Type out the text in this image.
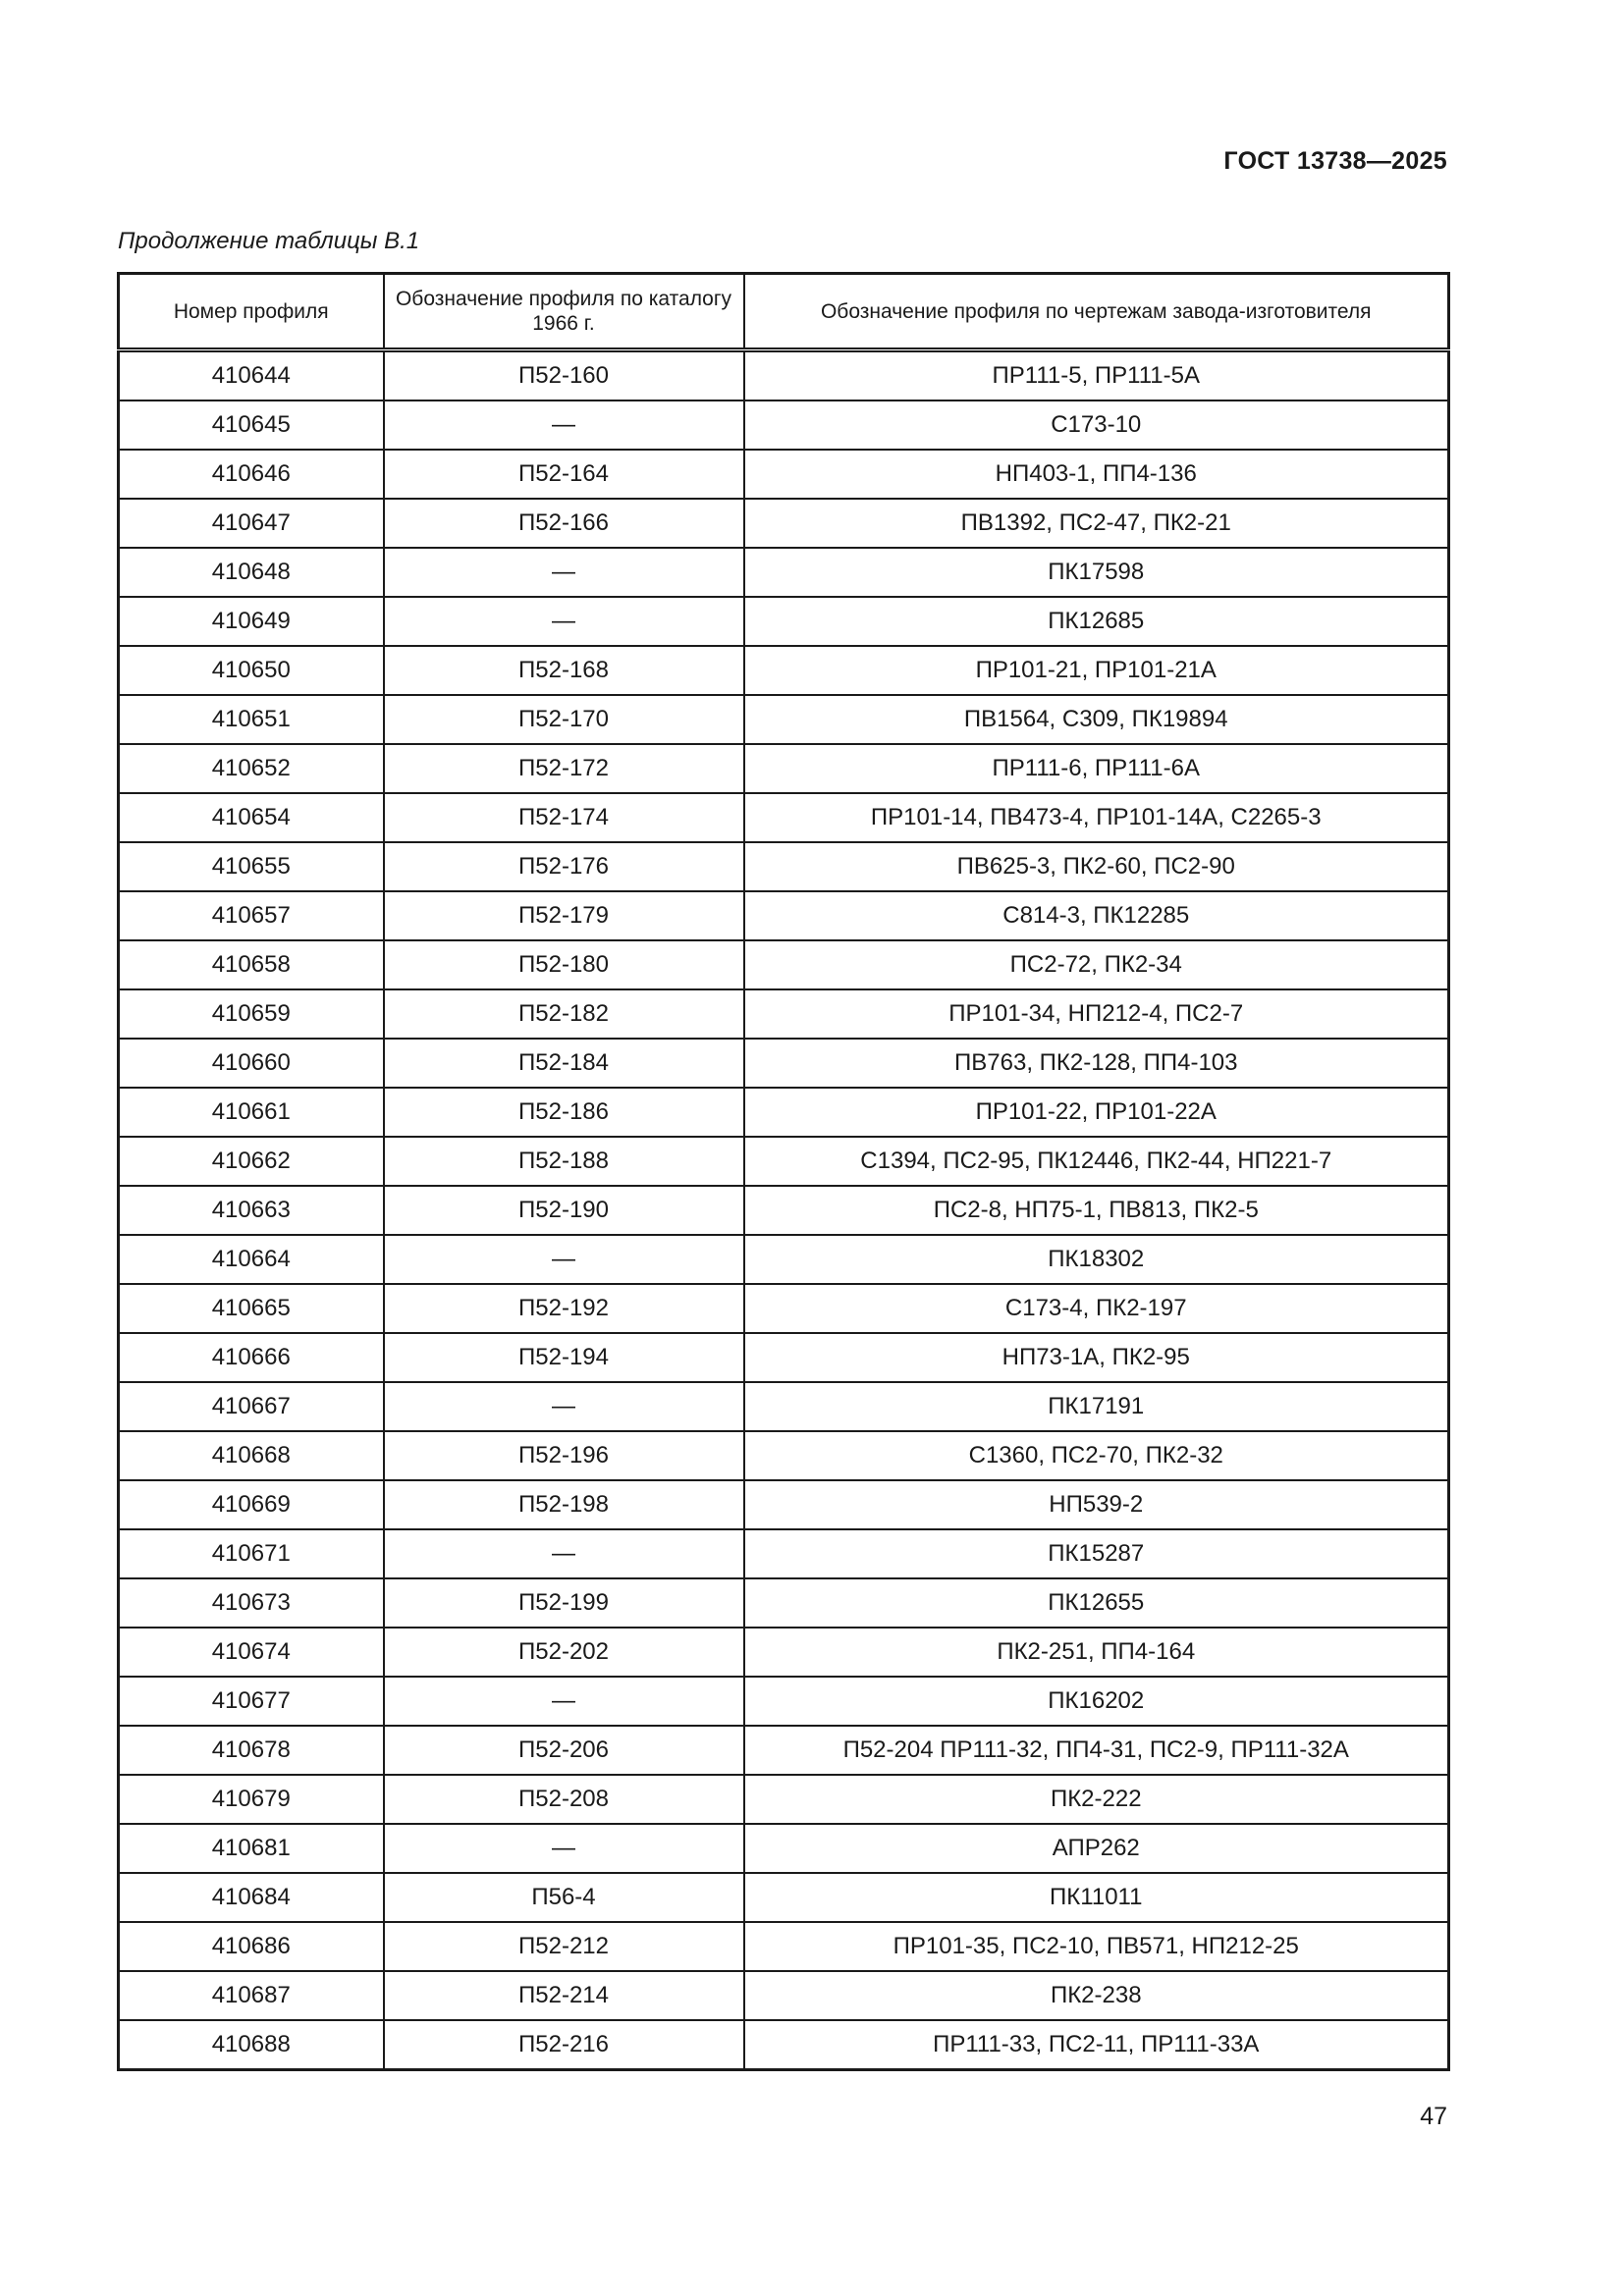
ГОСТ 13738—2025
Продолжение таблицы В.1
Номер профиля	Обозначение профиля по каталогу 1966 г.	Обозначение профиля по чертежам завода-изготовителя
410644	П52-160	ПР111-5, ПР111-5А
410645	—	С173-10
410646	П52-164	НП403-1, ПП4-136
410647	П52-166	ПВ1392, ПС2-47, ПК2-21
410648	—	ПК17598
410649	—	ПК12685
410650	П52-168	ПР101-21, ПР101-21А
410651	П52-170	ПВ1564, С309, ПК19894
410652	П52-172	ПР111-6, ПР111-6А
410654	П52-174	ПР101-14, ПВ473-4, ПР101-14А, С2265-3
410655	П52-176	ПВ625-3, ПК2-60, ПС2-90
410657	П52-179	С814-3, ПК12285
410658	П52-180	ПС2-72, ПК2-34
410659	П52-182	ПР101-34, НП212-4, ПС2-7
410660	П52-184	ПВ763, ПК2-128, ПП4-103
410661	П52-186	ПР101-22, ПР101-22А
410662	П52-188	С1394, ПС2-95, ПК12446, ПК2-44, НП221-7
410663	П52-190	ПС2-8, НП75-1, ПВ813, ПК2-5
410664	—	ПК18302
410665	П52-192	С173-4, ПК2-197
410666	П52-194	НП73-1А, ПК2-95
410667	—	ПК17191
410668	П52-196	С1360, ПС2-70, ПК2-32
410669	П52-198	НП539-2
410671	—	ПК15287
410673	П52-199	ПК12655
410674	П52-202	ПК2-251, ПП4-164
410677	—	ПК16202
410678	П52-206	П52-204 ПР111-32, ПП4-31, ПС2-9, ПР111-32А
410679	П52-208	ПК2-222
410681	—	АПР262
410684	П56-4	ПК11011
410686	П52-212	ПР101-35, ПС2-10, ПВ571, НП212-25
410687	П52-214	ПК2-238
410688	П52-216	ПР111-33, ПС2-11, ПР111-33А
47
